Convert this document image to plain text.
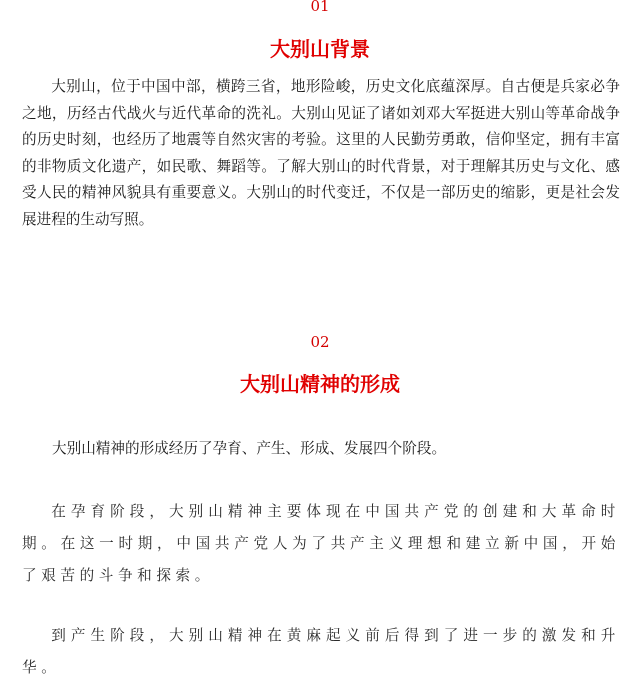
01
大别山背景

大别山，位于中国中部，横跨三省，地形险峻，历史文化底蕴深厚。自古便是兵家必争之地，历经古代战火与近代革命的洗礼。大别山见证了诸如刘邓大军挺进大别山等革命战争的历史时刻，也经历了地震等自然灾害的考验。这里的人民勤劳勇敢，信仰坚定，拥有丰富的非物质文化遗产，如民歌、舞蹈等。了解大别山的时代背景，对于理解其历史与文化、感受人民的精神风貌具有重要意义。大别山的时代变迁，不仅是一部历史的缩影，更是社会发展进程的生动写照。

02
大别山精神的形成

大别山精神的形成经历了孕育、产生、形成、发展四个阶段。

在孕育阶段，大别山精神主要体现在中国共产党的创建和大革命时期。在这一时期，中国共产党人为了共产主义理想和建立新中国，开始了艰苦的斗争和探索。

到产生阶段，大别山精神在黄麻起义前后得到了进一步的激发和升华。
